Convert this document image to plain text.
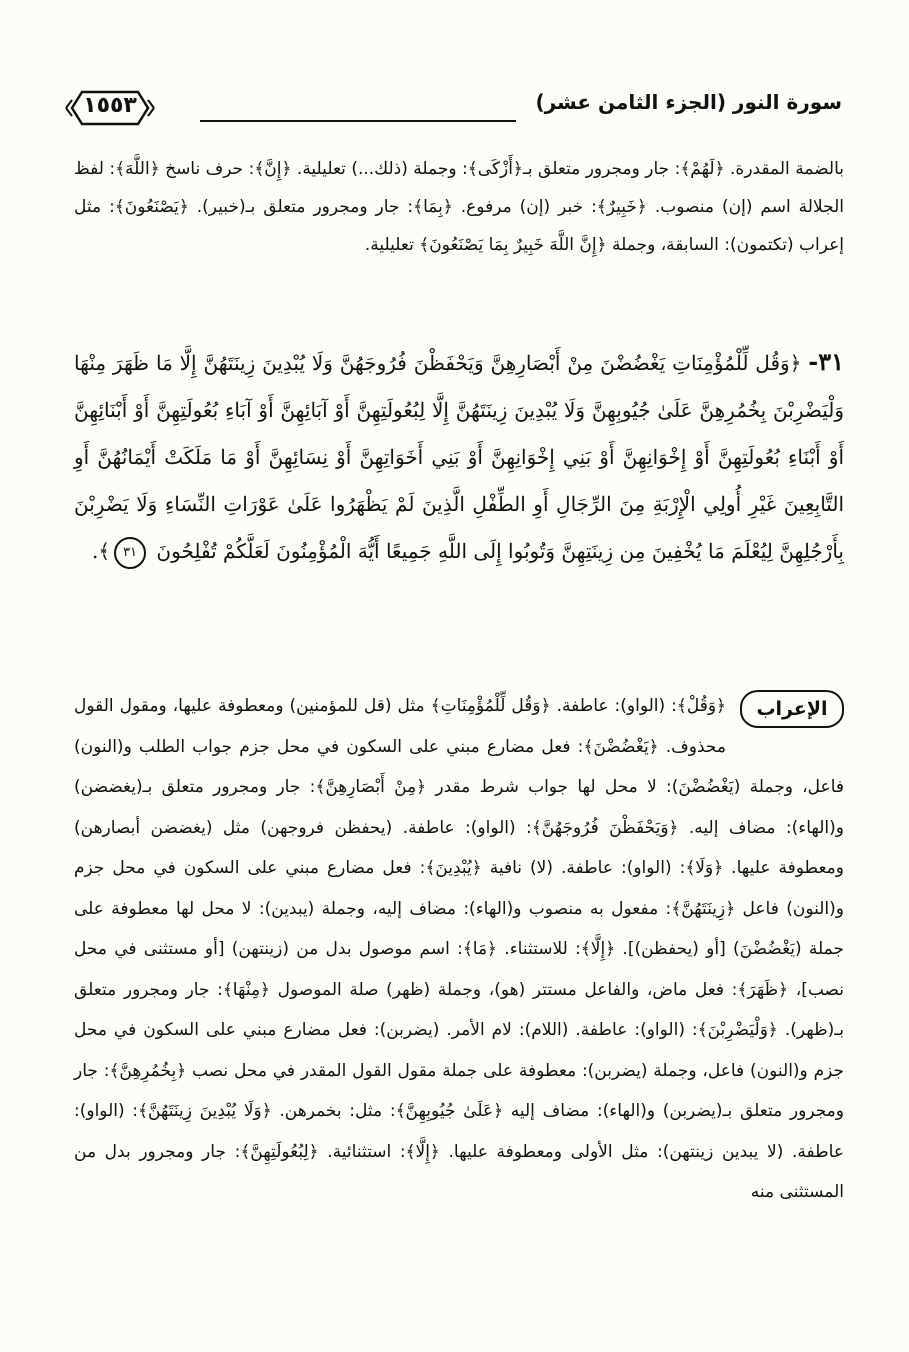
سورة النور (الجزء الثامن عشر)
١٥٥٣

بالضمة المقدرة. ﴿لَهُمْ﴾: جار ومجرور متعلق بـ﴿أَزْكَى﴾: وجملة (ذلك...) تعليلية. ﴿إِنَّ﴾: حرف ناسخ ﴿اللَّهَ﴾: لفظ الجلالة اسم (إن) منصوب. ﴿خَبِيرٌ﴾: خبر (إن) مرفوع. ﴿بِمَا﴾: جار ومجرور متعلق بـ(خبير). ﴿يَصْنَعُونَ﴾: مثل إعراب (تكتمون): السابقة، وجملة ﴿إِنَّ اللَّهَ خَبِيرٌ بِمَا يَصْنَعُونَ﴾ تعليلية.

٣١- ﴿وَقُل لِّلْمُؤْمِنَاتِ يَغْضُضْنَ مِنْ أَبْصَارِهِنَّ وَيَحْفَظْنَ فُرُوجَهُنَّ وَلَا يُبْدِينَ زِينَتَهُنَّ إِلَّا مَا ظَهَرَ مِنْهَا وَلْيَضْرِبْنَ بِخُمُرِهِنَّ عَلَىٰ جُيُوبِهِنَّ وَلَا يُبْدِينَ زِينَتَهُنَّ إِلَّا لِبُعُولَتِهِنَّ أَوْ آبَائِهِنَّ أَوْ آبَاءِ بُعُولَتِهِنَّ أَوْ أَبْنَائِهِنَّ أَوْ أَبْنَاءِ بُعُولَتِهِنَّ أَوْ إِخْوَانِهِنَّ أَوْ بَنِي إِخْوَانِهِنَّ أَوْ بَنِي أَخَوَاتِهِنَّ أَوْ نِسَائِهِنَّ أَوْ مَا مَلَكَتْ أَيْمَانُهُنَّ أَوِ التَّابِعِينَ غَيْرِ أُولِي الْإِرْبَةِ مِنَ الرِّجَالِ أَوِ الطِّفْلِ الَّذِينَ لَمْ يَظْهَرُوا عَلَىٰ عَوْرَاتِ النِّسَاءِ وَلَا يَضْرِبْنَ بِأَرْجُلِهِنَّ لِيُعْلَمَ مَا يُخْفِينَ مِن زِينَتِهِنَّ وَتُوبُوا إِلَى اللَّهِ جَمِيعًا أَيُّهَ الْمُؤْمِنُونَ لَعَلَّكُمْ تُفْلِحُونَ ٣١﴾.

الإعراب

﴿وَقُلْ﴾: (الواو): عاطفة. ﴿وَقُل لِّلْمُؤْمِنَاتِ﴾ مثل (قل للمؤمنين) ومعطوفة عليها، ومقول القول محذوف. ﴿يَغْضُضْنَ﴾: فعل مضارع مبني على السكون في محل جزم جواب الطلب و(النون) فاعل، وجملة (يَغْضُضْنَ): لا محل لها جواب شرط مقدر ﴿مِنْ أَبْصَارِهِنَّ﴾: جار ومجرور متعلق بـ(يغضضن) و(الهاء): مضاف إليه. ﴿وَيَحْفَظْنَ فُرُوجَهُنَّ﴾: (الواو): عاطفة. (يحفظن فروجهن) مثل (يغضضن أبصارهن) ومعطوفة عليها. ﴿وَلَا﴾: (الواو): عاطفة. (لا) نافية ﴿يُبْدِينَ﴾: فعل مضارع مبني على السكون في محل جزم و(النون) فاعل ﴿زِينَتَهُنَّ﴾: مفعول به منصوب و(الهاء): مضاف إليه، وجملة (يبدين): لا محل لها معطوفة على جملة (يَغْضُضْنَ) [أو (يحفظن)]. ﴿إِلَّا﴾: للاستثناء. ﴿مَا﴾: اسم موصول بدل من (زينتهن) [أو مستثنى في محل نصب]، ﴿ظَهَرَ﴾: فعل ماض، والفاعل مستتر (هو)، وجملة (ظهر) صلة الموصول ﴿مِنْهَا﴾: جار ومجرور متعلق بـ(ظهر). ﴿وَلْيَضْرِبْنَ﴾: (الواو): عاطفة. (اللام): لام الأمر. (يضربن): فعل مضارع مبني على السكون في محل جزم و(النون) فاعل، وجملة (يضربن): معطوفة على جملة مقول القول المقدر في محل نصب ﴿بِخُمُرِهِنَّ﴾: جار ومجرور متعلق بـ(يضربن) و(الهاء): مضاف إليه ﴿عَلَىٰ جُيُوبِهِنَّ﴾: مثل: بخمرهن. ﴿وَلَا يُبْدِينَ زِينَتَهُنَّ﴾: (الواو): عاطفة. (لا يبدين زينتهن): مثل الأولى ومعطوفة عليها. ﴿إِلَّا﴾: استثنائية. ﴿لِبُعُولَتِهِنَّ﴾: جار ومجرور بدل من المستثنى منه
